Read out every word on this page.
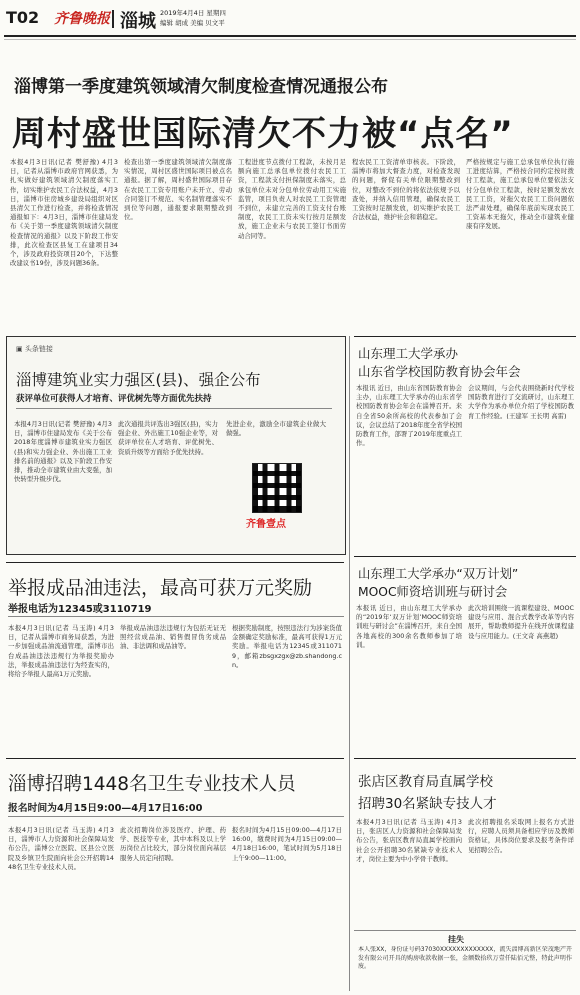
T02 齐鲁晚报 淄城 2019年4月4日 星期四
编辑 胡成 美编 贝文平
淄博第一季度建筑领域清欠制度检查情况通报公布
周村盛世国际清欠不力被“点名”

本报4月3日讯(记者 樊舒豫) 4月3日，记者从淄博市政府官网获悉，为扎实做好建筑领域清欠制度落实工作，切实维护农民工合法权益，4月3日，淄博市住房城乡建设局组织对区县清欠工作进行检查，并将检查情况通报如下：4月3日，淄博市住建局发布《关于第一季度建筑领域清欠制度检查情况的通报》以及下阶段工作安排，此次检查区县复工在建项目34个，涉及政府投资项目20个，下达整改建议书19份，涉及问题36条。

检查出第一季度建筑领域清欠制度落实情况，周村区盛世国际项目被点名通报。据了解，周村盛世国际项目存在农民工工资专用账户未开立、劳动合同签订不规范、实名制管理落实不到位等问题，通报要求限期整改到位。

工程进度节点拨付工程款，未按月足额向施工总承包单位拨付农民工工资，工程款支付担保制度未落实，总承包单位未对分包单位劳动用工实施监管，项目负责人对农民工工资管理不到位，未建立完善的工资支付台账制度，农民工工资未实行按月足额发放，施工企业未与农民工签订书面劳动合同等。

程农民工工资清单审核表。下阶段，淄博市将加大督查力度，对检查发现的问题，督促有关单位限期整改到位，对整改不到位的将依法依规予以查处，并纳入信用管理，确保农民工工资按时足额发放，切实维护农民工合法权益，维护社会和谐稳定。

严格按规定与施工总承包单位执行施工进度结算，严格按合同约定按时拨付工程款，施工总承包单位要依法支付分包单位工程款，按时足额发放农民工工资，对拖欠农民工工资问题依法严肃处理，确保年底前实现农民工工资基本无拖欠，推动全市建筑业健康有序发展。

▣ 头条链接
淄博建筑业实力强区(县)、强企公布
获评单位可获得人才培育、评优树先等方面优先扶持

本报4月3日讯(记者 樊舒豫) 4月3日，淄博市住建局发布《关于公布2018年度淄博市建筑业实力强区(县)和实力强企业、外出施工工业排名前的通报》以及下阶段工作安排，推动全市建筑业由大变强，加快转型升级步伐。

此次通报共评选出3强区(县)，实力强企业、外出施工10强企业等，对获评单位在人才培育、评优树先、资质升级等方面给予优先扶持。

先进企业，激励全市建筑企业做大做强。

齐鲁壹点
举报成品油违法，最高可获万元奖励
举报电话为12345或3110719

本报4月3日讯(记者 马玉涛) 4月3日，记者从淄博市商务局获悉，为进一步加强成品油流通管理，淄博市出台成品油违法违规行为举报奖励办法，举报成品油违法行为经查实的，将给予举报人最高1万元奖励。

举报成品油违法违规行为包括无证无照经营成品油、销售假冒伪劣成品油、非法调和成品油等。

根据奖励制度，按照违法行为涉案货值金额确定奖励标准，最高可获得1万元奖励。举报电话为12345或3110719，邮箱zbsgxzgx@zb.shandong.cn。

淄博招聘1448名卫生专业技术人员
报名时间为4月15日9:00—4月17日16:00

本报4月3日讯(记者 马玉涛) 4月3日，淄博市人力资源和社会保障局发布公告，淄博公立医院、区县公立医院及乡镇卫生院面向社会公开招聘1448名卫生专业技术人员。

此次招聘岗位涉及医疗、护理、药学、医技等专业，其中本科及以上学历岗位占比较大，部分岗位面向基层服务人员定向招聘。

报名时间为4月15日09:00—4月17日16:00，缴费时间为4月15日09:00—4月18日16:00，笔试时间为5月18日上午9:00—11:00。

山东理工大学承办
山东省学校国防教育协会年会

本报讯 近日，由山东省国防教育协会主办，山东理工大学承办的山东省学校国防教育协会年会在淄博召开。来自全省50余所高校的代表参加了会议，会议总结了2018年度全省学校国防教育工作，部署了2019年度重点工作。

会议期间，与会代表围绕新时代学校国防教育进行了交流研讨，山东理工大学作为承办单位介绍了学校国防教育工作经验。(王建军 王长明 高雷)

山东理工大学承办“双万计划”
MOOC师资培训班与研讨会

本报讯 近日，由山东理工大学承办的“2019年‘双万计划’MOOC师资培训班与研讨会”在淄博召开，来自全国各地高校的300余名教师参加了培训。

此次培训围绕一流课程建设、MOOC建设与应用、混合式教学改革等内容展开，帮助教师提升在线开放课程建设与应用能力。(王文奇 高燕超)

张店区教育局直属学校
招聘30名紧缺专技人才

本报4月3日讯(记者 马玉涛) 4月3日，张店区人力资源和社会保障局发布公告，张店区教育局直属学校面向社会公开招聘30名紧缺专业技术人才，岗位主要为中小学骨干教师。

此次招聘报名采取网上报名方式进行，应聘人员须具备相应学历及教师资格证，具体岗位要求及报考条件详见招聘公告。

挂失

本人张XX，身份证号码37030XXXXXXXXXXXXX，流失淄博高新区荣茂地产开发有限公司开具的购房收款收据一张，金额数拾玖万壹仟陆佰元整，特此声明作废。
